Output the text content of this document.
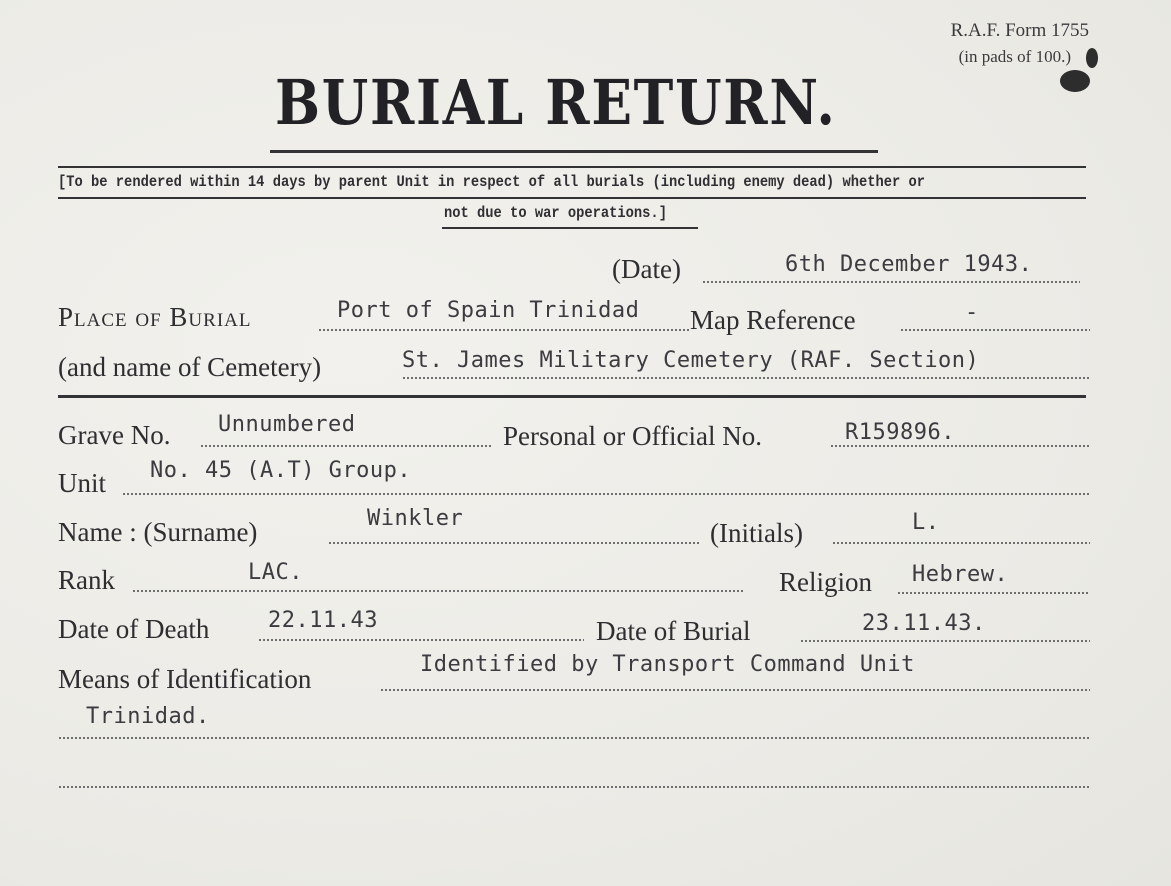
R.A.F. Form 1755
(in pads of 100.)
BURIAL RETURN.
[To be rendered within 14 days by parent Unit in respect of all burials (including enemy dead) whether or
not due to war operations.]
(Date)	6th December 1943.
Place of Burial	Port of Spain Trinidad Map Reference	-
(and name of Cemetery)	St. James Military Cemetery (RAF. Section)
Grave No. Unnumbered	Personal or Official No.	R159896.
Unit No. 45 (A.T) Group.
Name : (Surname)	Winkler	(Initials)	L.
Rank	LAC.	Religion Hebrew.
Date of Death	22.11.43	Date of Burial	23.11.43.
Means of Identification	Identified by Transport Command Unit
Trinidad.
